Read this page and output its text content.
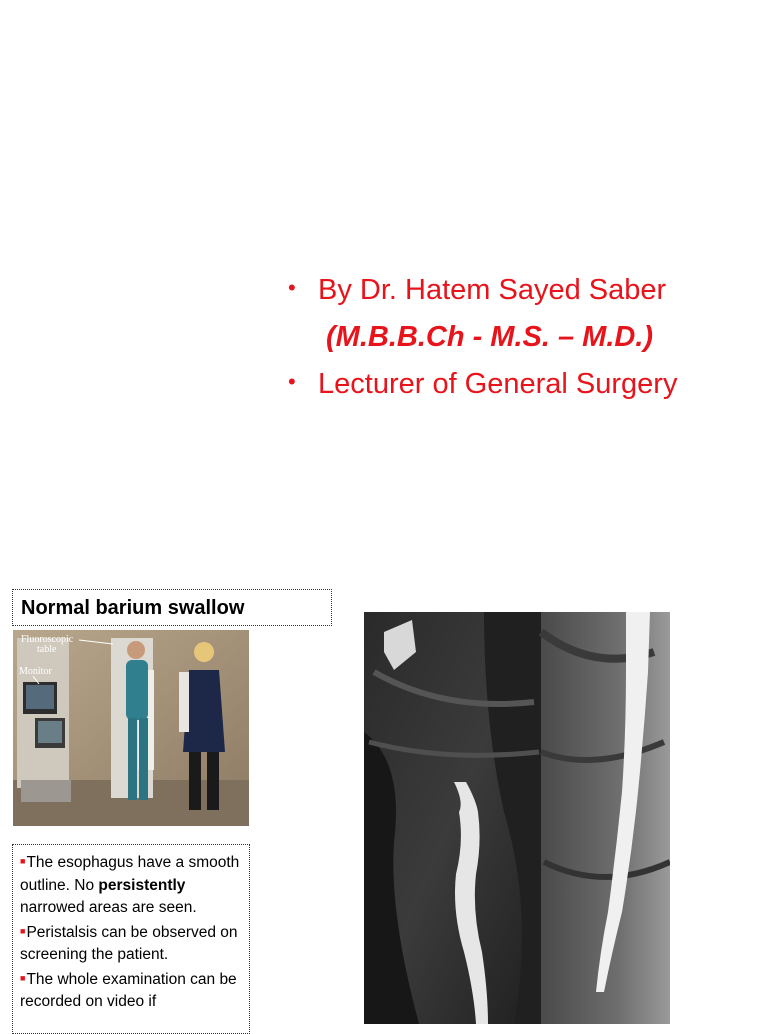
• By Dr. Hatem Sayed Saber
(M.B.B.Ch - M.S. – M.D.)
• Lecturer of General Surgery
Normal barium swallow
Fluoroscopic
table
Monitor
■The esophagus have a smooth outline. No persistently narrowed areas are seen.
■Peristalsis can be observed on screening the patient.
■The whole examination can be recorded on video if
